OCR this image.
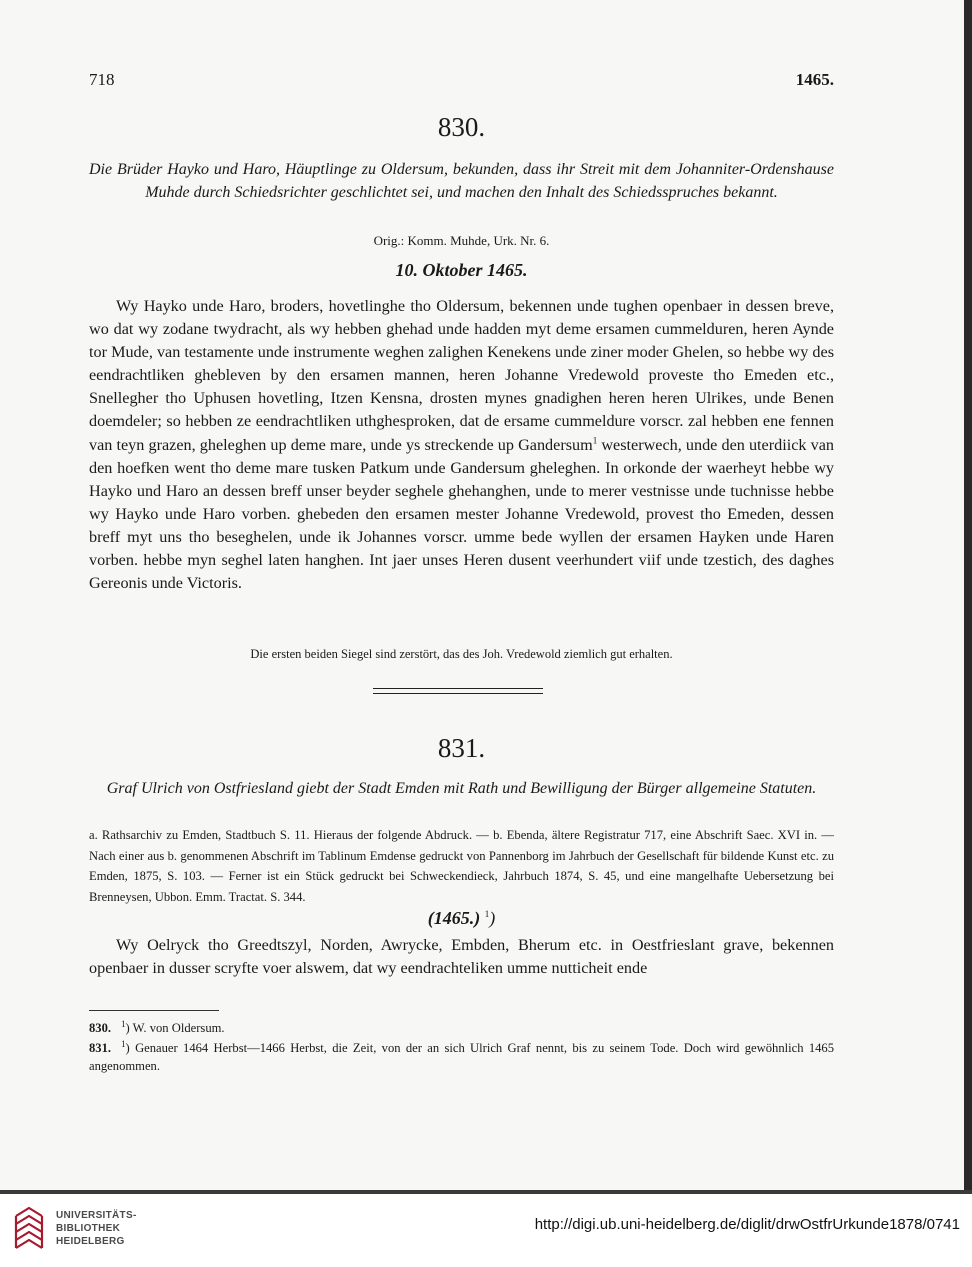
718	1465.
830.
Die Brüder Hayko und Haro, Häuptlinge zu Oldersum, bekunden, dass ihr Streit mit dem Johanniter-Ordenshause Muhde durch Schiedsrichter geschlichtet sei, und machen den Inhalt des Schiedsspruches bekannt.
Orig.: Komm. Muhde, Urk. Nr. 6.
10. Oktober 1465.

Wy Hayko unde Haro, broders, hovetlinghe tho Oldersum, bekennen unde tughen openbaer in dessen breve, wo dat wy zodane twydracht, als wy hebben ghehad unde hadden myt deme ersamen cummelduren, heren Aynde tor Mude, van testamente unde instrumente weghen zalighen Kenekens unde ziner moder Ghelen, so hebbe wy des eendrachtliken ghebleven by den ersamen mannen, heren Johanne Vredewold proveste tho Emeden etc., Snellegher tho Uphusen hovetling, Itzen Kensna, drosten mynes gnadighen heren heren Ulrikes, unde Benen doemdeler; so hebben ze eendrachtliken uthghesproken, dat de ersame cummeldure vorscr. zal hebben ene fennen van teyn grazen, gheleghen up deme mare, unde ys streckende up Gandersum$^1$ westerwech, unde den uterdiick van den hoefken went tho deme mare tusken Patkum unde Gandersum gheleghen. In orkonde der waerheyt hebbe wy Hayko und Haro an dessen breff unser beyder seghele ghehanghen, unde to merer vestnisse unde tuchnisse hebbe wy Hayko unde Haro vorben. ghebeden den ersamen mester Johanne Vredewold, provest tho Emeden, dessen breff myt uns tho beseghelen, unde ik Johannes vorscr. umme bede wyllen der ersamen Hayken unde Haren vorben. hebbe myn seghel laten hanghen. Int jaer unses Heren dusent veerhundert viif unde tzestich, des daghes Gereonis unde Victoris.

Die ersten beiden Siegel sind zerstört, das des Joh. Vredewold ziemlich gut erhalten.
831.
Graf Ulrich von Ostfriesland giebt der Stadt Emden mit Rath und Bewilligung der Bürger allgemeine Statuten.

a. Rathsarchiv zu Emden, Stadtbuch S. 11. Hieraus der folgende Abdruck. — b. Ebenda, ältere Registratur 717, eine Abschrift Saec. XVI in. — Nach einer aus b. genommenen Abschrift im Tablinum Emdense gedruckt von Pannenborg im Jahrbuch der Gesellschaft für bildende Kunst etc. zu Emden, 1875, S. 103. — Ferner ist ein Stück gedruckt bei Schweckendieck, Jahrbuch 1874, S. 45, und eine mangelhafte Uebersetzung bei Brenneysen, Ubbon. Emm. Tractat. S. 344.

(1465.) $^1$)

Wy Oelryck tho Greedtszyl, Norden, Awrycke, Embden, Bherum etc. in Oestfrieslant grave, bekennen openbaer in dusser scryfte voer alswem, dat wy eendrachteliken umme nutticheit ende

830. $^1$) W. von Oldersum.

831. $^1$) Genauer 1464 Herbst—1466 Herbst, die Zeit, von der an sich Ulrich Graf nennt, bis zu seinem Tode. Doch wird gewöhnlich 1465 angenommen.

UNIVERSITÄTS-
BIBLIOTHEK
HEIDELBERG
http://digi.ub.uni-heidelberg.de/diglit/drwOstfrUrkunde1878/0741
